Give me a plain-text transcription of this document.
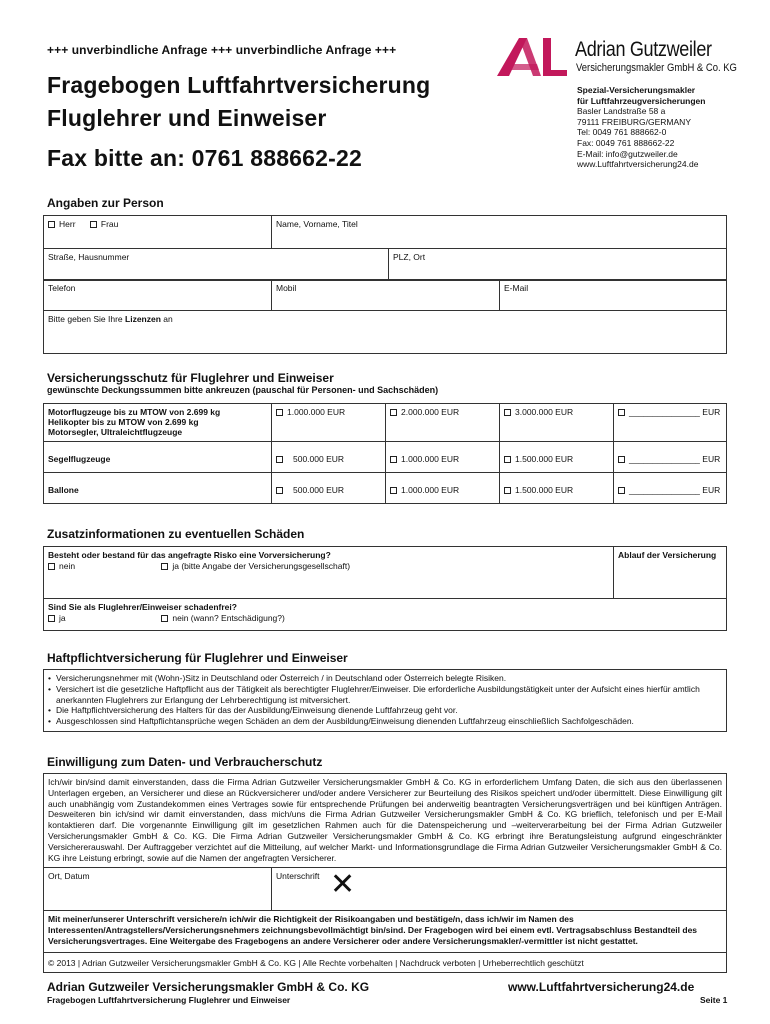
+++ unverbindliche Anfrage +++ unverbindliche Anfrage +++
Fragebogen Luftfahrtversicherung
Fluglehrer und Einweiser
Fax bitte an: 0761 888662-22
Adrian Gutzweiler
Versicherungsmakler GmbH & Co. KG
Spezial-Versicherungsmakler
für Luftfahrzeugversicherungen
Basler Landstraße 58 a
79111 FREIBURG/GERMANY
Tel: 0049 761 888662-0
Fax: 0049 761 888662-22
E-Mail: info@gutzweiler.de
www.Luftfahrtversicherung24.de
Angaben zur Person
Herr Frau	Name, Vorname, Titel	
Straße, Hausnummer		PLZ, Ort
Telefon	Mobil	E-Mail
Bitte geben Sie Ihre Lizenzen an
Versicherungsschutz für Fluglehrer und Einweiser
gewünschte Deckungssummen bitte ankreuzen (pauschal für Personen- und Sachschäden)
Motorflugzeuge bis zu MTOW von 2.699 kg
Helikopter bis zu MTOW von 2.699 kg
Motorsegler, Ultraleichtflugzeuge	1.000.000 EUR	2.000.000 EUR	3.000.000 EUR	_______________ EUR
Segelflugzeuge	500.000 EUR	1.000.000 EUR	1.500.000 EUR	_______________ EUR
Ballone	500.000 EUR	1.000.000 EUR	1.500.000 EUR	_______________ EUR
Zusatzinformationen zu eventuellen Schäden
Besteht oder bestand für das angefragte Risko eine Vorversicherung?
nein	ja (bitte Angabe der Versicherungsgesellschaft)
	Ablauf der Versicherung

Sind Sie als Fluglehrer/Einweiser schadenfrei?
ja	nein (wann? Entschädigung?)
Haftpflichtversicherung für Fluglehrer und Einweiser
• Versicherungsnehmer mit (Wohn-)Sitz in Deutschland oder Österreich / in Deutschland oder Österreich belegte Risiken.
• Versichert ist die gesetzliche Haftpflicht aus der Tätigkeit als berechtigter Fluglehrer/Einweiser. Die erforderliche Ausbildungstätigkeit unter der Aufsicht eines hierfür amtlich anerkannten Fluglehrers zur Erlangung der Lehrberechtigung ist mitversichert.
• Die Haftpflichtversicherung des Halters für das der Ausbildung/Einweisung dienende Luftfahrzeug geht vor.
• Ausgeschlossen sind Haftpflichtansprüche wegen Schäden an dem der Ausbildung/Einweisung dienenden Luftfahrzeug einschließlich Sachfolgeschäden.
Einwilligung zum Daten- und Verbraucherschutz
Ich/wir bin/sind damit einverstanden, dass die Firma Adrian Gutzweiler Versicherungsmakler GmbH & Co. KG in erforderlichem Umfang Daten, die sich aus den überlassenen Unterlagen ergeben, an Versicherer und diese an Rückversicherer und/oder andere Versicherer zur Beurteilung des Risikos speichert und/oder übermittelt. Diese Einwilligung gilt auch unabhängig vom Zustandekommen eines Vertrages sowie für entsprechende Prüfungen bei anderweitig beantragten Versicherungsverträgen und bei künftigen Anträgen. Desweiteren bin ich/sind wir damit einverstanden, dass mich/uns die Firma Adrian Gutzweiler Versicherungsmakler GmbH & Co. KG brieflich, telefonisch und per E-Mail kontaktieren darf. Die vorgenannte Einwilligung gilt im gesetzlichen Rahmen auch für die Datenspeicherung und –weiterverarbeitung bei der Firma Adrian Gutzweiler Versicherungsmakler GmbH & Co. KG. Die Firma Adrian Gutzweiler Versicherungsmakler GmbH & Co. KG erbringt ihre Beratungsleistung aufgrund eingeschränkter Versichererauswahl. Der Auftraggeber verzichtet auf die Mitteilung, auf welcher Markt- und Informationsgrundlage die Firma Adrian Gutzweiler Versicherungsmakler GmbH & Co. KG ihre Leistung erbringt, sowie auf die Namen der angefragten Versicherer.

Ort, Datum	Unterschrift ✕

Mit meiner/unserer Unterschrift versichere/n ich/wir die Richtigkeit der Risikoangaben und bestätige/n, dass ich/wir im Namen des Interessenten/Antragstellers/Versicherungsnehmers zeichnungsbevollmächtigt bin/sind. Der Fragebogen wird bei einem evtl. Vertragsabschluss Bestandteil des Versicherungsvertrages. Eine Weitergabe des Fragebogens an andere Versicherer oder andere Versicherungsmakler/-vermittler ist nicht gestattet.
© 2013 | Adrian Gutzweiler Versicherungsmakler GmbH & Co. KG | Alle Rechte vorbehalten | Nachdruck verboten | Urheberrechtlich geschützt
Adrian Gutzweiler Versicherungsmakler GmbH & Co. KG
Fragebogen Luftfahrtversicherung Fluglehrer und Einweiser
www.Luftfahrtversicherung24.de
Seite 1
